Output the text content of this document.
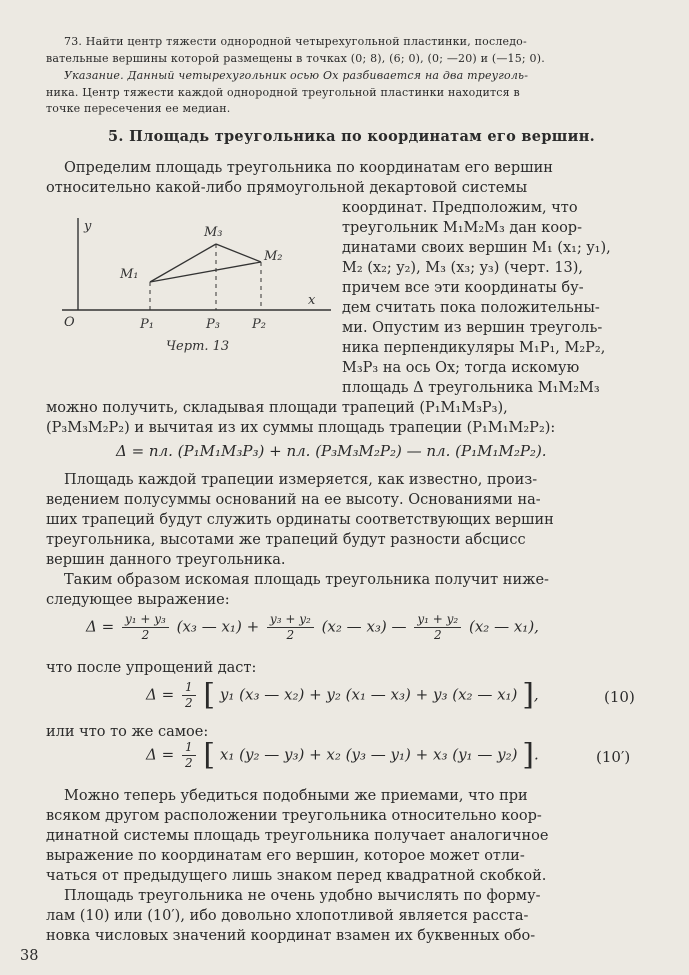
73. Найти центр тяжести однородной четырехугольной пластинки, последо-
вательные вершины которой размещены в точках (0; 8), (6; 0), (0; —20) и (—15; 0).
Указание. Данный четырехугольник осью Ox разбивается на два треуголь-
ника. Центр тяжести каждой однородной треугольной пластинки находится в
точке пересечения ее медиан.
5. Площадь треугольника по координатам его вершин.
Определим площадь треугольника по координатам его вершин
относительно какой-либо прямоугольной декартовой системы
координат. Предположим, что
треугольник M₁M₂M₃ дан коор-
динатами своих вершин M₁ (x₁; y₁),
M₂ (x₂; y₂), M₃ (x₃; y₃) (черт. 13),
причем все эти координаты бу-
дем считать пока положительны-
ми. Опустим из вершин треуголь-
ника перпендикуляры M₁P₁, M₂P₂,
M₃P₃ на ось Ox; тогда искомую
площадь Δ треугольника M₁M₂M₃
можно получить, складывая площади трапеций (P₁M₁M₃P₃),
(P₃M₃M₂P₂) и вычитая из их суммы площадь трапеции (P₁M₁M₂P₂):
y
x
O
M₁
M₃
M₂
P₁	P₃ P₂
Черт. 13
Δ = пл. (P₁M₁M₃P₃) + пл. (P₃M₃M₂P₂) — пл. (P₁M₁M₂P₂).
Площадь каждой трапеции измеряется, как известно, произ-
ведением полусуммы оснований на ее высоту. Основаниями на-
ших трапеций будут служить ординаты соответствующих вершин
треугольника, высотами же трапеций будут разности абсцисс
вершин данного треугольника.
Таким образом искомая площадь треугольника получит ниже-
следующее выражение:
$\Delta = \frac{\text{y₁ + y₃}}{2} (x_3$ — $x_1) + \frac{\text{y₃ + y₂}}{2} (x_2$ — x₃) — $\frac{\text{y₁ + y₂}}{2} (x_2$ — x₁),
что после упрощений даст:
$\Delta = \frac{1}{2}$ [ y₁ (x₃ — x₂) + y₂ (x₁ — x₃) + y₃ (x₂ — x₁) ],	(10)
или что то же самое:
$\Delta = \frac{1}{2}$ [ x₁ (y₂ — y₃) + x₂ (y₃ — y₁) + x₃ (y₁ — y₂) ].	(10′)
Можно теперь убедиться подобными же приемами, что при
всяком другом расположении треугольника относительно коор-
динатной системы площадь треугольника получает аналогичное
выражение по координатам его вершин, которое может отли-
чаться от предыдущего лишь знаком перед квадратной скобкой.
Площадь треугольника не очень удобно вычислять по форму-
лам (10) или (10′), ибо довольно хлопотливой является расста-
новка числовых значений координат взамен их буквенных обо-
38
